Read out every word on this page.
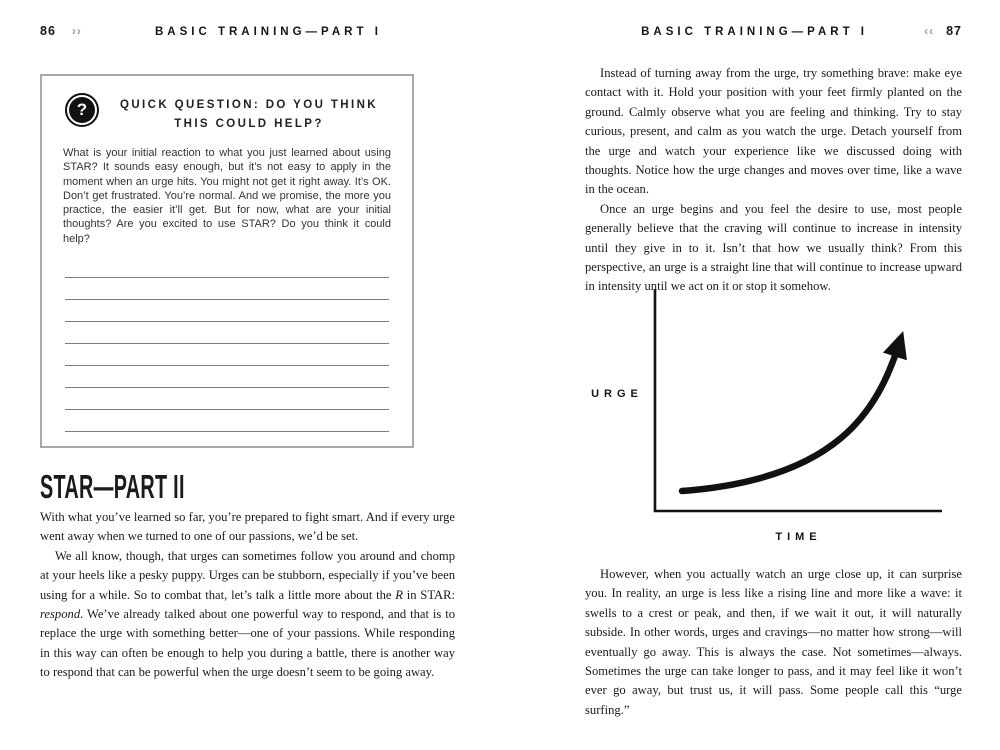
86 ››	BASIC TRAINING—PART I
?	QUICK QUESTION: DO YOU THINK THIS COULD HELP?

What is your initial reaction to what you just learned about using STAR? It sounds easy enough, but it’s not easy to apply in the moment when an urge hits. You might not get it right away. It’s OK. Don’t get frustrated. You’re normal. And we promise, the more you practice, the easier it’ll get. But for now, what are your initial thoughts? Are you excited to use STAR? Do you think it could help?

STAR—PART II

With what you’ve learned so far, you’re prepared to fight smart. And if every urge went away when we turned to one of our passions, we’d be set.

We all know, though, that urges can sometimes follow you around and chomp at your heels like a pesky puppy. Urges can be stubborn, especially if you’ve been using for a while. So to combat that, let’s talk a little more about the R in STAR: respond. We’ve already talked about one powerful way to respond, and that is to replace the urge with something better—one of your passions. While responding in this way can often be enough to help you during a battle, there is another way to respond that can be powerful when the urge doesn’t seem to be going away.

BASIC TRAINING—PART I	‹‹ 87

Instead of turning away from the urge, try something brave: make eye contact with it. Hold your position with your feet firmly planted on the ground. Calmly observe what you are feeling and thinking. Try to stay curious, present, and calm as you watch the urge. Detach yourself from the urge and watch your experience like we discussed doing with thoughts. Notice how the urge changes and moves over time, like a wave in the ocean.

Once an urge begins and you feel the desire to use, most people generally believe that the craving will continue to increase in intensity until they give in to it. Isn’t that how we usually think? From this perspective, an urge is a straight line that will continue to increase upward in intensity until we act on it or stop it somehow.

URGE
TIME

However, when you actually watch an urge close up, it can surprise you. In reality, an urge is less like a rising line and more like a wave: it swells to a crest or peak, and then, if we wait it out, it will naturally subside. In other words, urges and cravings—no matter how strong—will eventually go away. This is always the case. Not sometimes—always. Sometimes the urge can take longer to pass, and it may feel like it won’t ever go away, but trust us, it will pass. Some people call this “urge surfing.”
